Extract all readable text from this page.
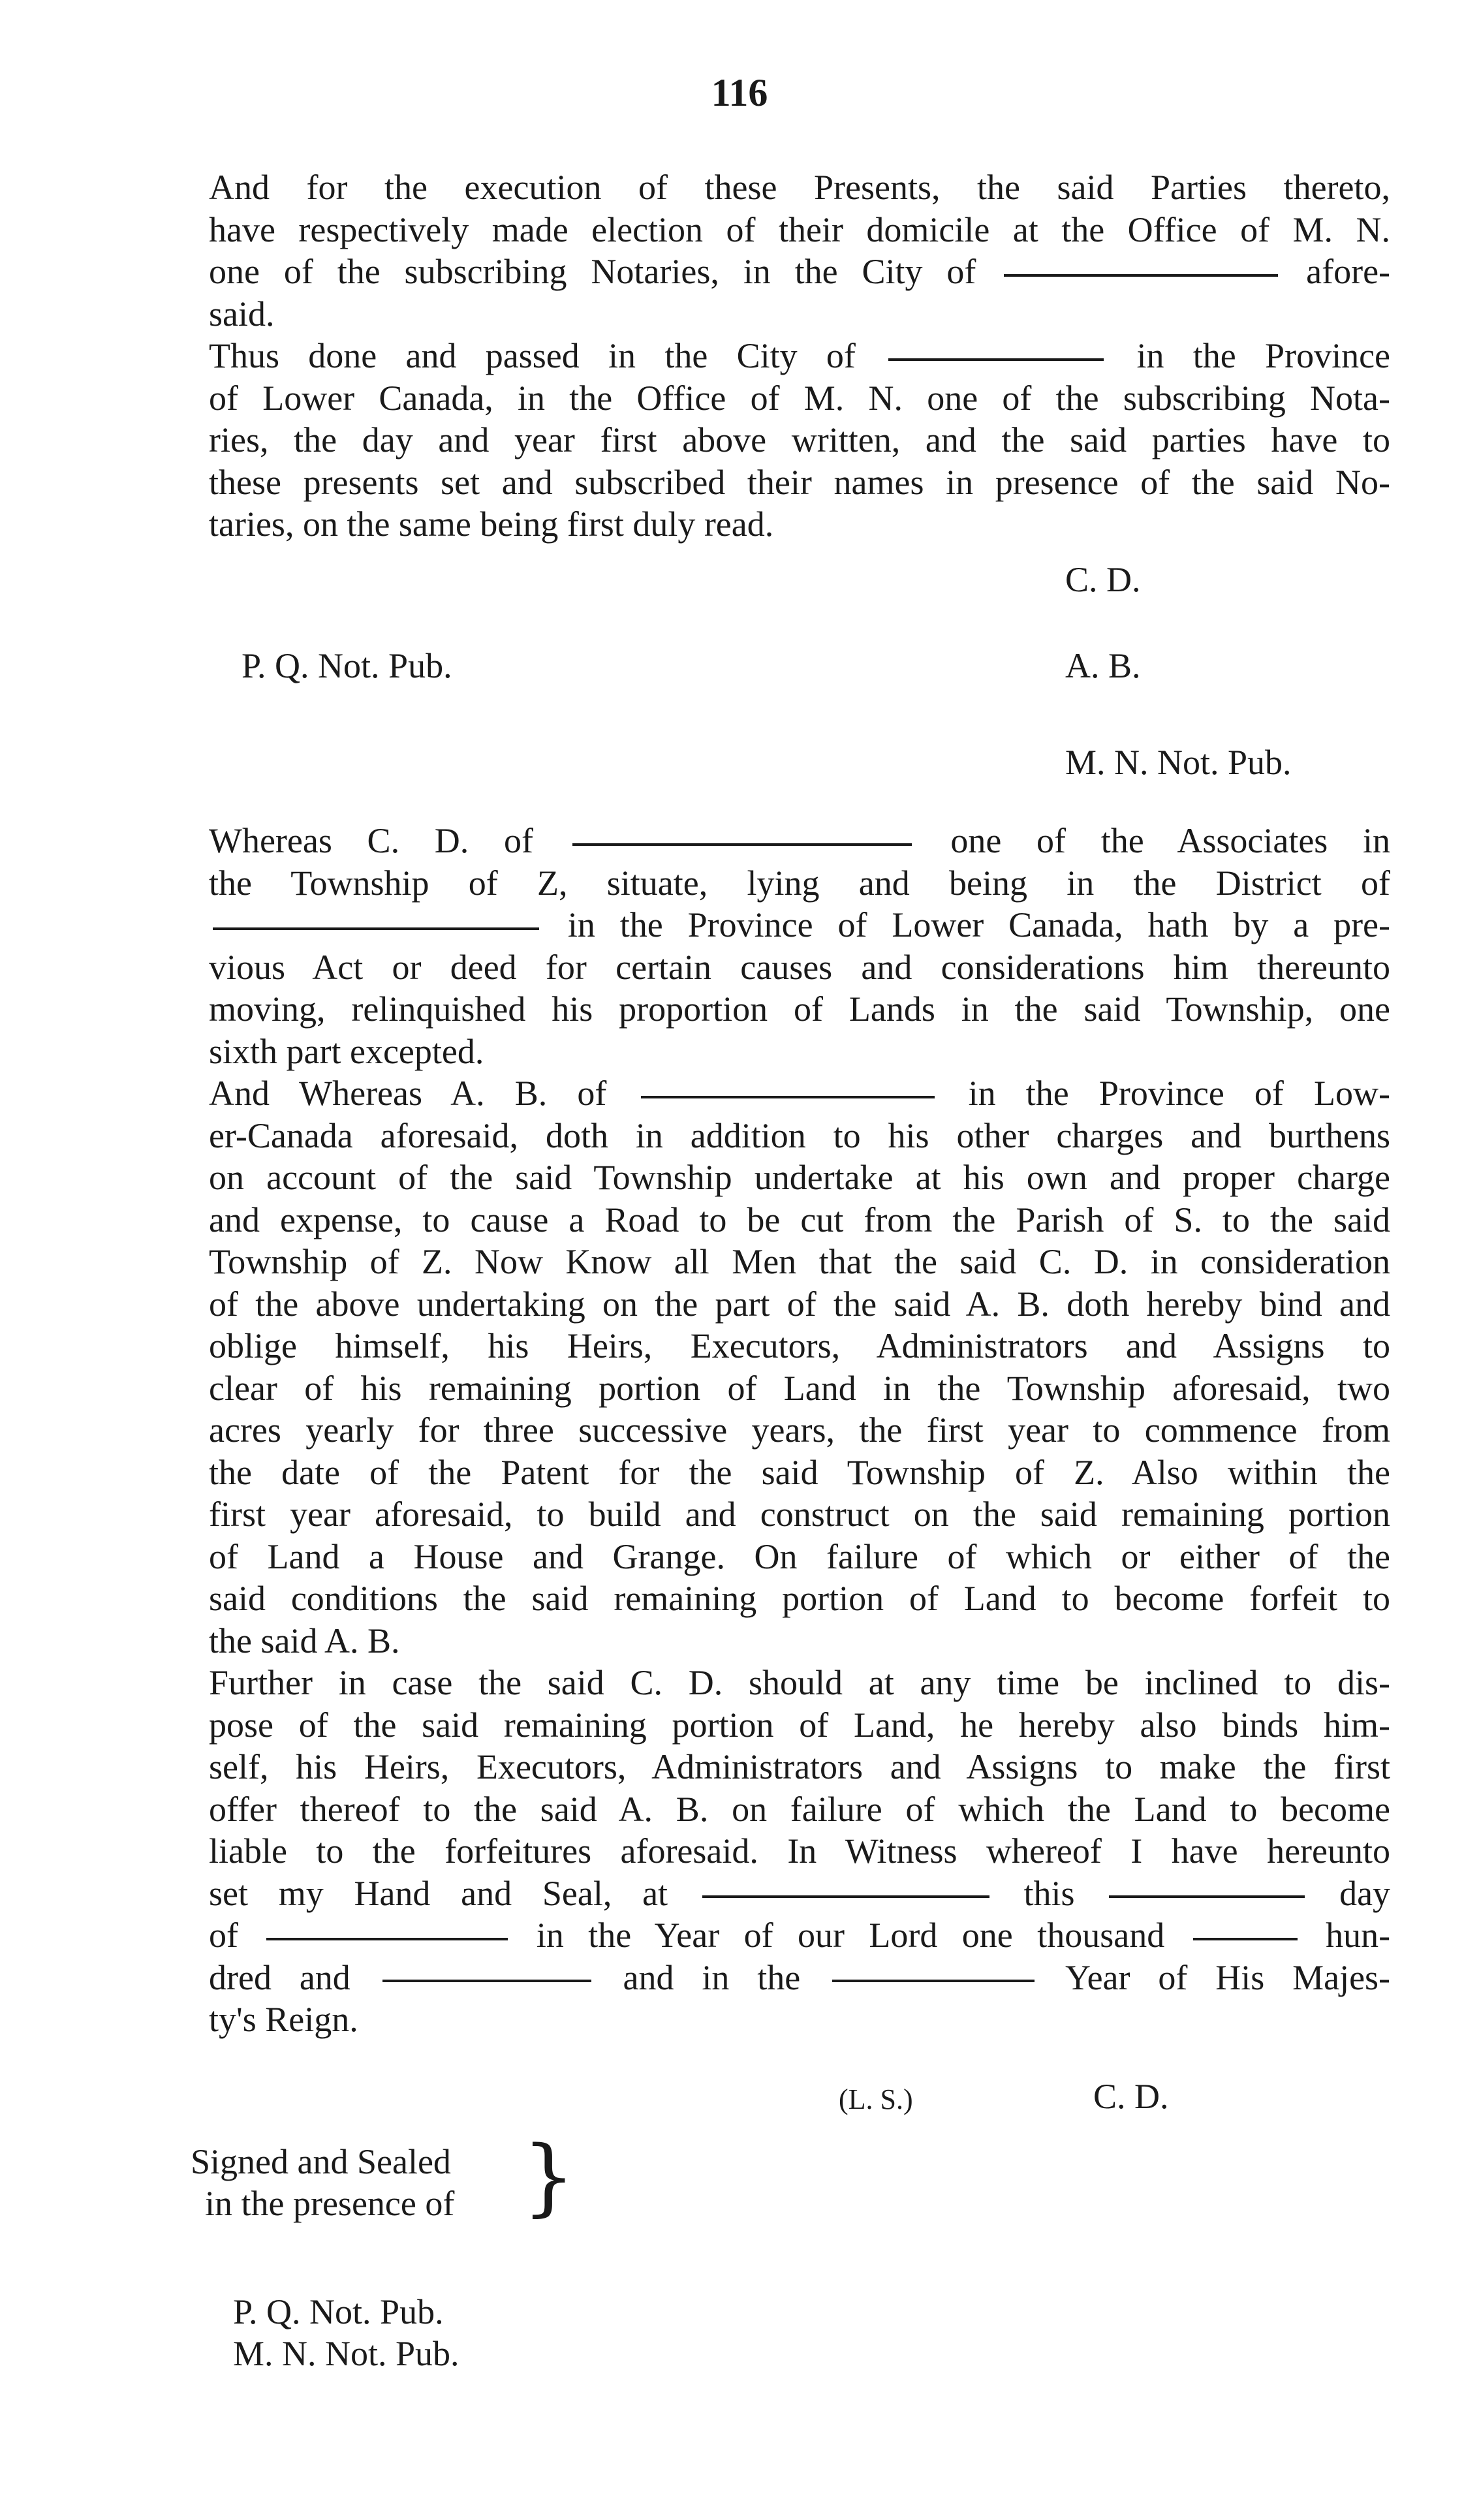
116

And for the execution of these Presents, the said Parties thereto,
have respectively made election of their domicile at the Office of M. N.
one of the subscribing Notaries, in the City of	afore-
said.

Thus done and passed in the City of	in the Province
of Lower Canada, in the Office of M. N. one of the subscribing Nota-
ries, the day and year first above written, and the said parties have to
these presents set and subscribed their names in presence of the said No-
taries, on the same being first duly read.

C. D.
P. Q. Not. Pub.	A. B.
M. N. Not. Pub.

Whereas C. D. of	one of the Associates in
the Township of Z, situate, lying and being in the District of
in the Province of Lower Canada, hath by a pre-
vious Act or deed for certain causes and considerations him thereunto
moving, relinquished his proportion of Lands in the said Township, one
sixth part excepted.

And Whereas A. B. of	in the Province of Low-
er-Canada aforesaid, doth in addition to his other charges and burthens
on account of the said Township undertake at his own and proper charge
and expense, to cause a Road to be cut from the Parish of S. to the said
Township of Z. Now Know all Men that the said C. D. in consideration
of the above undertaking on the part of the said A. B. doth hereby bind and
oblige himself, his Heirs, Executors, Administrators and Assigns to
clear of his remaining portion of Land in the Township aforesaid, two
acres yearly for three successive years, the first year to commence from
the date of the Patent for the said Township of Z. Also within the
first year aforesaid, to build and construct on the said remaining portion
of Land a House and Grange. On failure of which or either of the
said conditions the said remaining portion of Land to become forfeit to
the said A. B.

Further in case the said C. D. should at any time be inclined to dis-
pose of the said remaining portion of Land, he hereby also binds him-
self, his Heirs, Executors, Administrators and Assigns to make the first
offer thereof to the said A. B. on failure of which the Land to become
liable to the forfeitures aforesaid. In Witness whereof I have hereunto
set my Hand and Seal, at	this	day
of	in the Year of our Lord one thousand	hun-
dred and	and in the	Year of His Majes-
ty's Reign.

(L. S.)	C. D.
Signed and Sealed
in the presence of }
P. Q. Not. Pub.
M. N. Not. Pub.
